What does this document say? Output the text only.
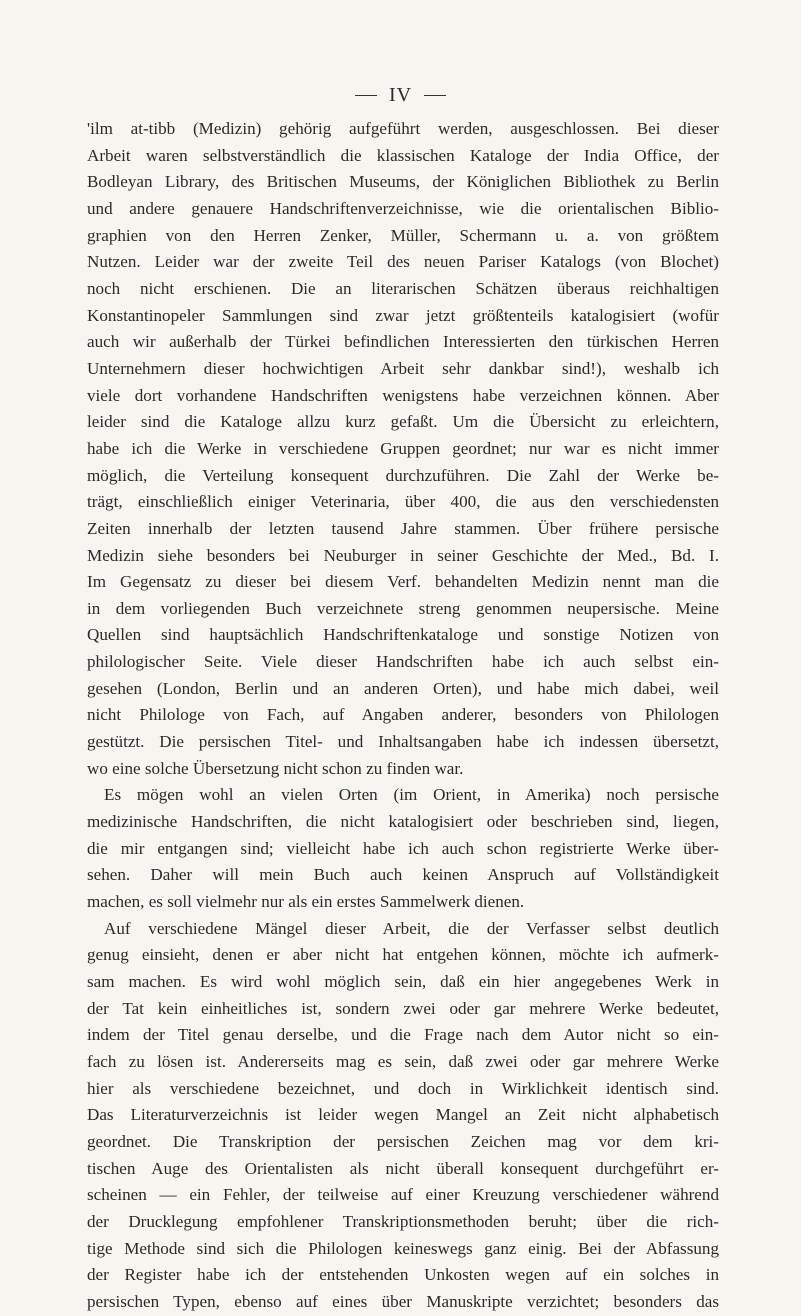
IV
'ilm at-tibb (Medizin) gehörig aufgeführt werden, ausgeschlossen. Bei dieser
Arbeit waren selbstverständlich die klassischen Kataloge der India Office, der
Bodleyan Library, des Britischen Museums, der Königlichen Bibliothek zu Berlin
und andere genauere Handschriftenverzeichnisse, wie die orientalischen Biblio-
graphien von den Herren Zenker, Müller, Schermann u. a. von größtem
Nutzen. Leider war der zweite Teil des neuen Pariser Katalogs (von Blochet)
noch nicht erschienen. Die an literarischen Schätzen überaus reichhaltigen
Konstantinopeler Sammlungen sind zwar jetzt größtenteils katalogisiert (wofür
auch wir außerhalb der Türkei befindlichen Interessierten den türkischen Herren
Unternehmern dieser hochwichtigen Arbeit sehr dankbar sind!), weshalb ich
viele dort vorhandene Handschriften wenigstens habe verzeichnen können. Aber
leider sind die Kataloge allzu kurz gefaßt. Um die Übersicht zu erleichtern,
habe ich die Werke in verschiedene Gruppen geordnet; nur war es nicht immer
möglich, die Verteilung konsequent durchzuführen. Die Zahl der Werke be-
trägt, einschließlich einiger Veterinaria, über 400, die aus den verschiedensten
Zeiten innerhalb der letzten tausend Jahre stammen. Über frühere persische
Medizin siehe besonders bei Neuburger in seiner Geschichte der Med., Bd. I.
Im Gegensatz zu dieser bei diesem Verf. behandelten Medizin nennt man die
in dem vorliegenden Buch verzeichnete streng genommen neupersische. Meine
Quellen sind hauptsächlich Handschriftenkataloge und sonstige Notizen von
philologischer Seite. Viele dieser Handschriften habe ich auch selbst ein-
gesehen (London, Berlin und an anderen Orten), und habe mich dabei, weil
nicht Philologe von Fach, auf Angaben anderer, besonders von Philologen
gestützt. Die persischen Titel- und Inhaltsangaben habe ich indessen übersetzt,
wo eine solche Übersetzung nicht schon zu finden war.
Es mögen wohl an vielen Orten (im Orient, in Amerika) noch persische
medizinische Handschriften, die nicht katalogisiert oder beschrieben sind, liegen,
die mir entgangen sind; vielleicht habe ich auch schon registrierte Werke über-
sehen. Daher will mein Buch auch keinen Anspruch auf Vollständigkeit
machen, es soll vielmehr nur als ein erstes Sammelwerk dienen.
Auf verschiedene Mängel dieser Arbeit, die der Verfasser selbst deutlich
genug einsieht, denen er aber nicht hat entgehen können, möchte ich aufmerk-
sam machen. Es wird wohl möglich sein, daß ein hier angegebenes Werk in
der Tat kein einheitliches ist, sondern zwei oder gar mehrere Werke bedeutet,
indem der Titel genau derselbe, und die Frage nach dem Autor nicht so ein-
fach zu lösen ist. Andererseits mag es sein, daß zwei oder gar mehrere Werke
hier als verschiedene bezeichnet, und doch in Wirklichkeit identisch sind.
Das Literaturverzeichnis ist leider wegen Mangel an Zeit nicht alphabetisch
geordnet. Die Transkription der persischen Zeichen mag vor dem kri-
tischen Auge des Orientalisten als nicht überall konsequent durchgeführt er-
scheinen — ein Fehler, der teilweise auf einer Kreuzung verschiedener während
der Drucklegung empfohlener Transkriptionsmethoden beruht; über die rich-
tige Methode sind sich die Philologen keineswegs ganz einig. Bei der Abfassung
der Register habe ich der entstehenden Unkosten wegen auf ein solches in
persischen Typen, ebenso auf eines über Manuskripte verzichtet; besonders das
